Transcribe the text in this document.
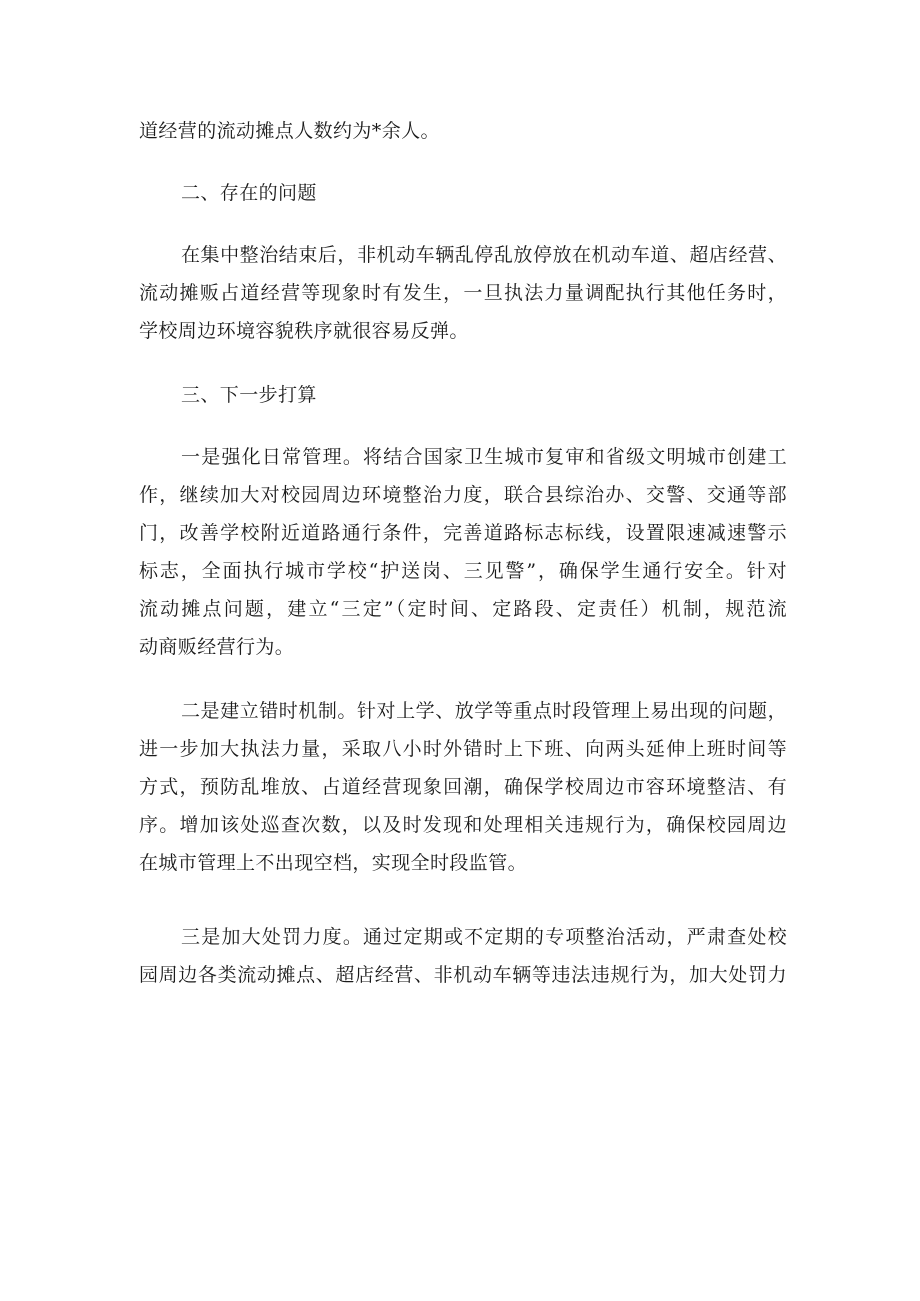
道经营的流动摊点人数约为*余人。
二、存在的问题
在集中整治结束后，非机动车辆乱停乱放停放在机动车道、超店经营、
流动摊贩占道经营等现象时有发生，一旦执法力量调配执行其他任务时，
学校周边环境容貌秩序就很容易反弹。
三、下一步打算
一是强化日常管理。将结合国家卫生城市复审和省级文明城市创建工
作，继续加大对校园周边环境整治力度，联合县综治办、交警、交通等部
门，改善学校附近道路通行条件，完善道路标志标线，设置限速减速警示
标志，全面执行城市学校“护送岗、三见警”，确保学生通行安全。针对
流动摊点问题，建立“三定”（定时间、定路段、定责任）机制，规范流
动商贩经营行为。
二是建立错时机制。针对上学、放学等重点时段管理上易出现的问题，
进一步加大执法力量，采取八小时外错时上下班、向两头延伸上班时间等
方式，预防乱堆放、占道经营现象回潮，确保学校周边市容环境整洁、有
序。增加该处巡查次数，以及时发现和处理相关违规行为，确保校园周边
在城市管理上不出现空档，实现全时段监管。
三是加大处罚力度。通过定期或不定期的专项整治活动，严肃查处校
园周边各类流动摊点、超店经营、非机动车辆等违法违规行为，加大处罚力
